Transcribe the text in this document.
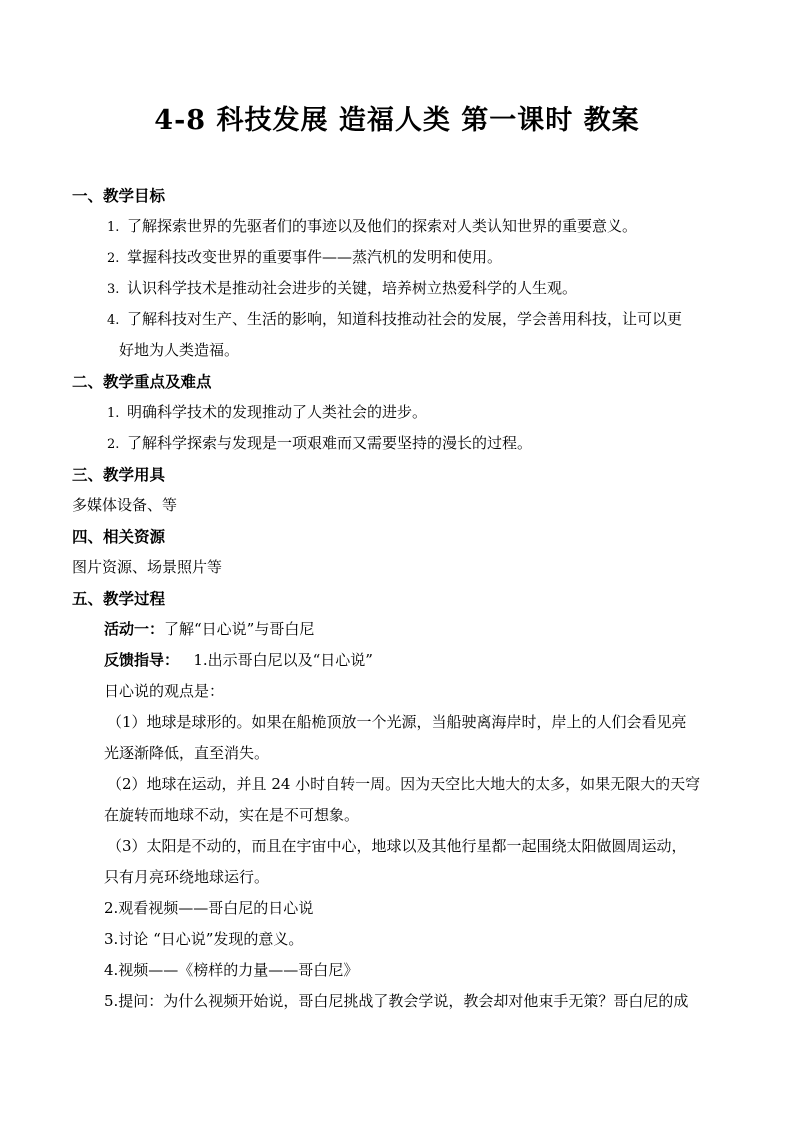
4-8 科技发展 造福人类 第一课时 教案
一、教学目标
1. 了解探索世界的先驱者们的事迹以及他们的探索对人类认知世界的重要意义。
2. 掌握科技改变世界的重要事件——蒸汽机的发明和使用。
3. 认识科学技术是推动社会进步的关键，培养树立热爱科学的人生观。
4. 了解科技对生产、生活的影响，知道科技推动社会的发展，学会善用科技，让可以更
好地为人类造福。
二、教学重点及难点
1. 明确科学技术的发现推动了人类社会的进步。
2. 了解科学探索与发现是一项艰难而又需要坚持的漫长的过程。
三、教学用具
多媒体设备、等
四、相关资源
图片资源、场景照片等
五、教学过程
活动一：了解“日心说”与哥白尼
反馈指导： 1.出示哥白尼以及“日心说”
日心说的观点是：
（1）地球是球形的。如果在船桅顶放一个光源，当船驶离海岸时，岸上的人们会看见亮
光逐渐降低，直至消失。
（2）地球在运动，并且 24 小时自转一周。因为天空比大地大的太多，如果无限大的天穹
在旋转而地球不动，实在是不可想象。
（3）太阳是不动的，而且在宇宙中心，地球以及其他行星都一起围绕太阳做圆周运动，
只有月亮环绕地球运行。
2.观看视频——哥白尼的日心说
3.讨论 “日心说”发现的意义。
4.视频——《榜样的力量——哥白尼》
5.提问：为什么视频开始说，哥白尼挑战了教会学说，教会却对他束手无策？哥白尼的成
